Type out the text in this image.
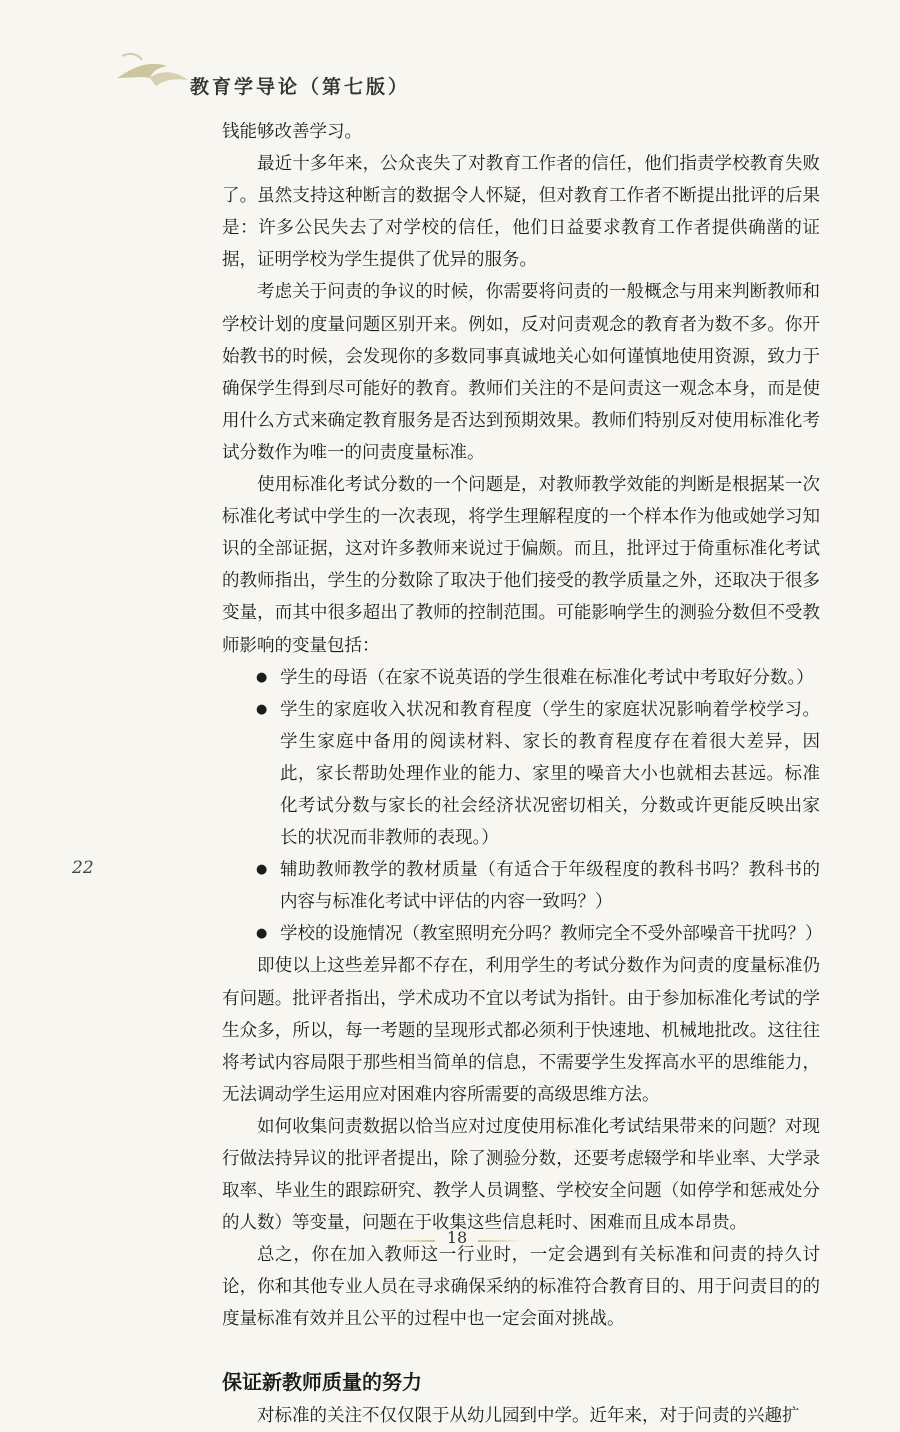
教育学导论（第七版）

钱能够改善学习。

最近十多年来，公众丧失了对教育工作者的信任，他们指责学校教育失败了。虽然支持这种断言的数据令人怀疑，但对教育工作者不断提出批评的后果是：许多公民失去了对学校的信任，他们日益要求教育工作者提供确凿的证据，证明学校为学生提供了优异的服务。

考虑关于问责的争议的时候，你需要将问责的一般概念与用来判断教师和学校计划的度量问题区别开来。例如，反对问责观念的教育者为数不多。你开始教书的时候，会发现你的多数同事真诚地关心如何谨慎地使用资源，致力于确保学生得到尽可能好的教育。教师们关注的不是问责这一观念本身，而是使用什么方式来确定教育服务是否达到预期效果。教师们特别反对使用标准化考试分数作为唯一的问责度量标准。

使用标准化考试分数的一个问题是，对教师教学效能的判断是根据某一次标准化考试中学生的一次表现，将学生理解程度的一个样本作为他或她学习知识的全部证据，这对许多教师来说过于偏颇。而且，批评过于倚重标准化考试的教师指出，学生的分数除了取决于他们接受的教学质量之外，还取决于很多变量，而其中很多超出了教师的控制范围。可能影响学生的测验分数但不受教师影响的变量包括：

● 学生的母语（在家不说英语的学生很难在标准化考试中考取好分数。）
● 学生的家庭收入状况和教育程度（学生的家庭状况影响着学校学习。学生家庭中备用的阅读材料、家长的教育程度存在着很大差异，因此，家长帮助处理作业的能力、家里的噪音大小也就相去甚远。标准化考试分数与家长的社会经济状况密切相关，分数或许更能反映出家长的状况而非教师的表现。）
● 辅助教师教学的教材质量（有适合于年级程度的教科书吗？教科书的内容与标准化考试中评估的内容一致吗？）
● 学校的设施情况（教室照明充分吗？教师完全不受外部噪音干扰吗？）

即使以上这些差异都不存在，利用学生的考试分数作为问责的度量标准仍有问题。批评者指出，学术成功不宜以考试为指针。由于参加标准化考试的学生众多，所以，每一考题的呈现形式都必须利于快速地、机械地批改。这往往将考试内容局限于那些相当简单的信息，不需要学生发挥高水平的思维能力，无法调动学生运用应对困难内容所需要的高级思维方法。

如何收集问责数据以恰当应对过度使用标准化考试结果带来的问题？对现行做法持异议的批评者提出，除了测验分数，还要考虑辍学和毕业率、大学录取率、毕业生的跟踪研究、教学人员调整、学校安全问题（如停学和惩戒处分的人数）等变量，问题在于收集这些信息耗时、困难而且成本昂贵。

总之，你在加入教师这一行业时，一定会遇到有关标准和问责的持久讨论，你和其他专业人员在寻求确保采纳的标准符合教育目的、用于问责目的的度量标准有效并且公平的过程中也一定会面对挑战。

保证新教师质量的努力

对标准的关注不仅仅限于从幼儿园到中学。近年来，对于问责的兴趣扩

22
18
